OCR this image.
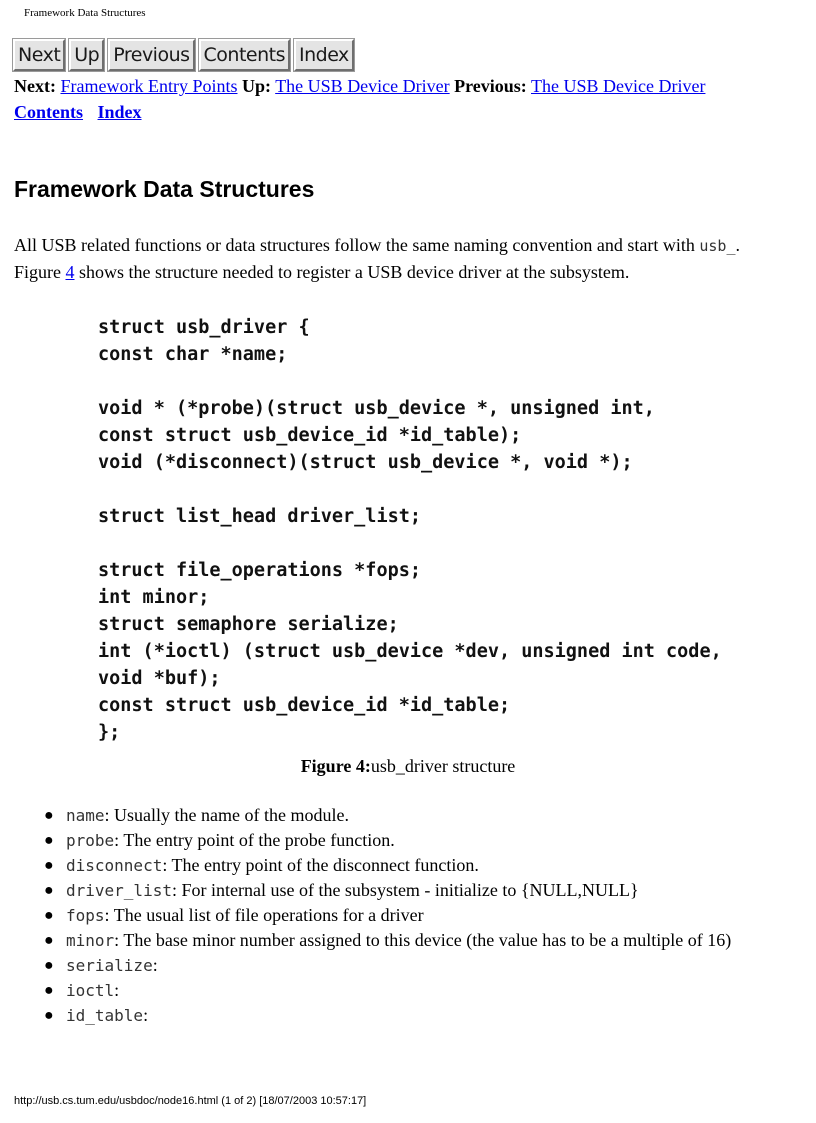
Framework Data Structures
Next Up Previous Contents Index
Next: Framework Entry Points Up: The USB Device Driver Previous: The USB Device Driver
Contents Index
Framework Data Structures
All USB related functions or data structures follow the same naming convention and start with usb_.
Figure 4 shows the structure needed to register a USB device driver at the subsystem.
struct usb_driver {
const char *name;
void * (*probe)(struct usb_device *, unsigned int,
const struct usb_device_id *id_table);
void (*disconnect)(struct usb_device *, void *);
struct list_head driver_list;
struct file_operations *fops;
int minor;
struct semaphore serialize;
int (*ioctl) (struct usb_device *dev, unsigned int code,
void *buf);
const struct usb_device_id *id_table;
};
Figure 4:usb_driver structure
● name: Usually the name of the module.
● probe: The entry point of the probe function.
● disconnect: The entry point of the disconnect function.
● driver_list: For internal use of the subsystem - initialize to {NULL,NULL}
● fops: The usual list of file operations for a driver
● minor: The base minor number assigned to this device (the value has to be a multiple of 16)
● serialize:
● ioctl:
● id_table:
http://usb.cs.tum.edu/usbdoc/node16.html (1 of 2) [18/07/2003 10:57:17]
